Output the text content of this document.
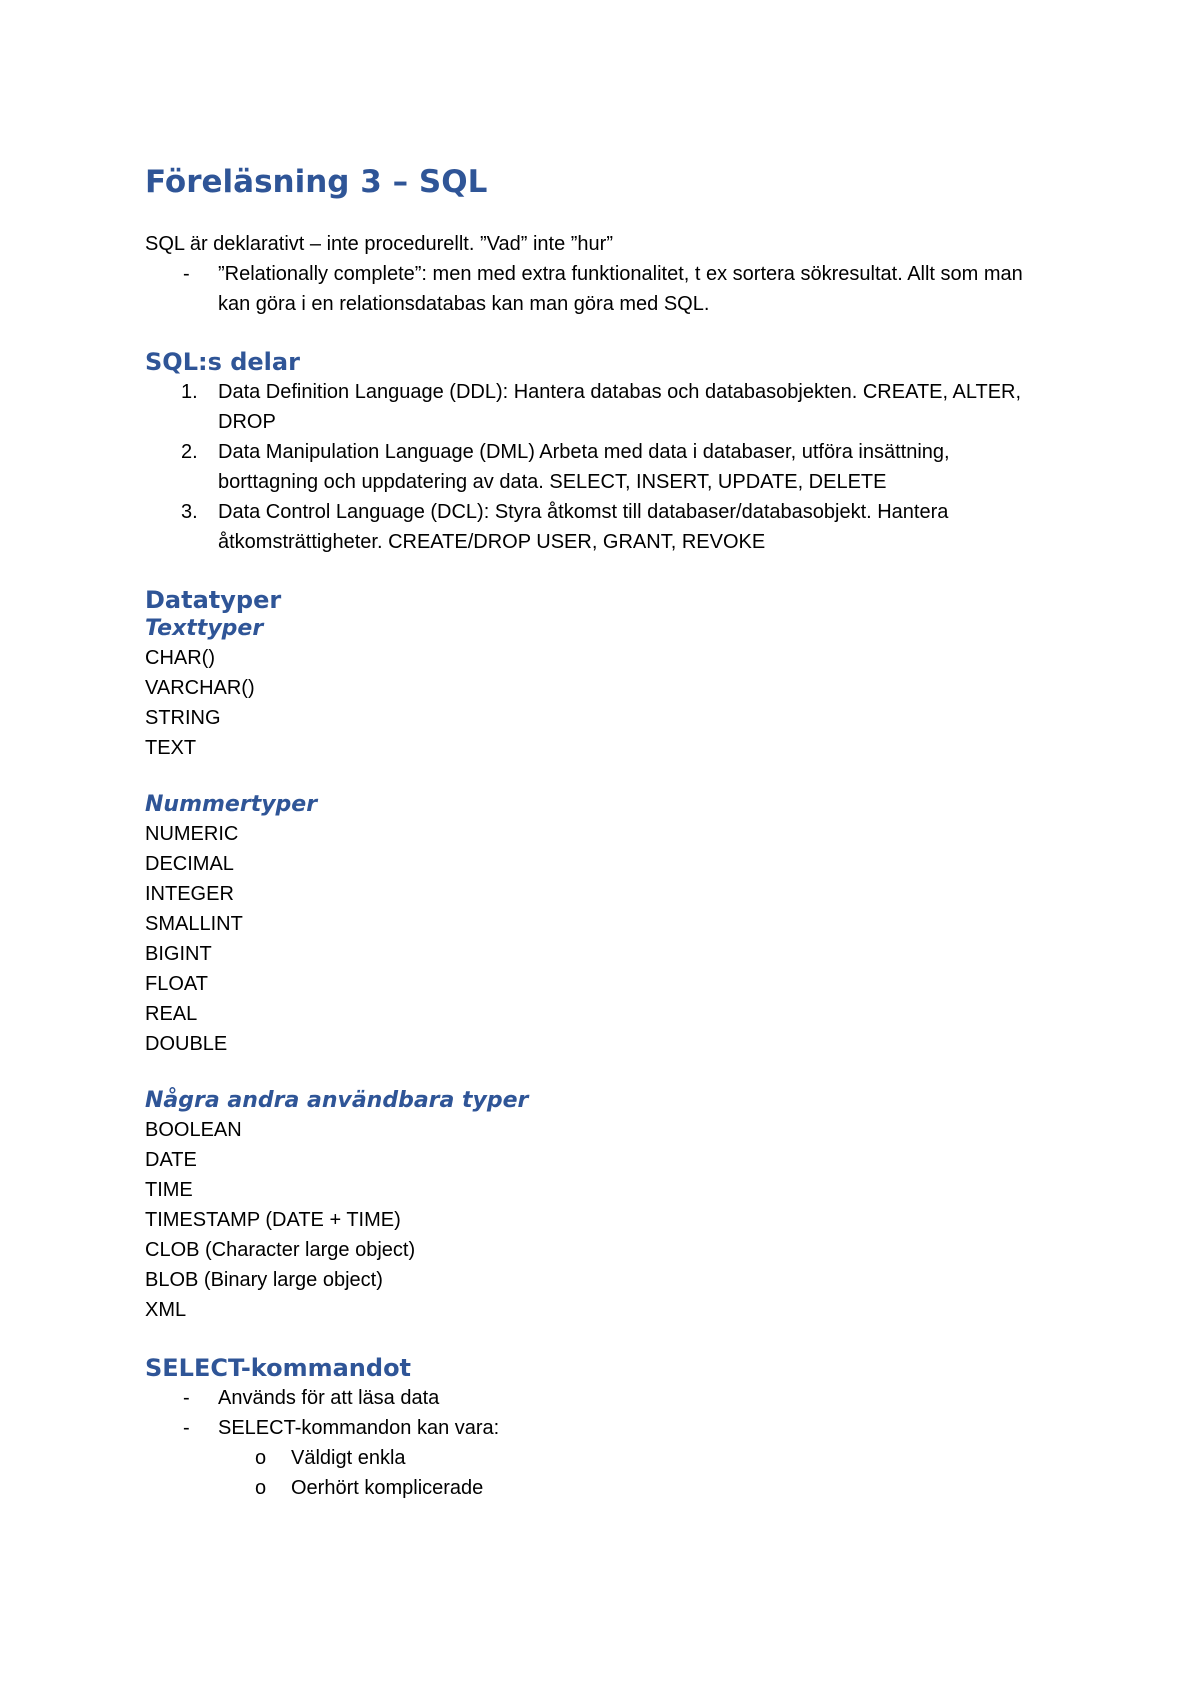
Föreläsning 3 – SQL

SQL är deklarativt – inte procedurellt. ”Vad” inte ”hur”

- ”Relationally complete”: men med extra funktionalitet, t ex sortera sökresultat. Allt som man kan göra i en relationsdatabas kan man göra med SQL.
SQL:s delar
1. Data Definition Language (DDL): Hantera databas och databasobjekten. CREATE, ALTER, DROP
2. Data Manipulation Language (DML) Arbeta med data i databaser, utföra insättning, borttagning och uppdatering av data. SELECT, INSERT, UPDATE, DELETE
3. Data Control Language (DCL): Styra åtkomst till databaser/databasobjekt. Hantera åtkomsträttigheter. CREATE/DROP USER, GRANT, REVOKE
Datatyper
Texttyper

CHAR()

VARCHAR()

STRING

TEXT

Nummertyper

NUMERIC

DECIMAL

INTEGER

SMALLINT

BIGINT

FLOAT

REAL

DOUBLE

Några andra användbara typer

BOOLEAN

DATE

TIME

TIMESTAMP (DATE + TIME)

CLOB (Character large object)

BLOB (Binary large object)

XML

SELECT-kommandot
- Används för att läsa data
- SELECT-kommandon kan vara:
o Väldigt enkla
o Oerhört komplicerade
